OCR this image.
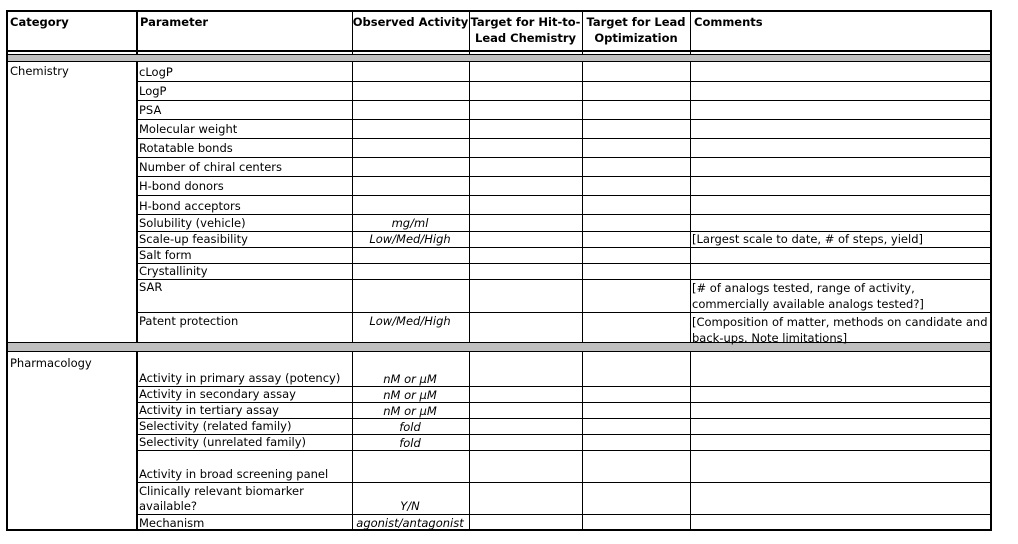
Category	Parameter	Observed Activity Target for Hit-to-
Lead Chemistry
Target for Lead
Optimization
Comments
Chemistry
Pharmacology
cLogP
LogP
PSA
Molecular weight
Rotatable bonds
Number of chiral centers
H-bond donors
H-bond acceptors
Solubility (vehicle)
Scale-up feasibility
Salt form
Crystallinity
SAR
Patent protection
mg/ml
Low/Med/High
Low/Med/High
[Largest scale to date, # of steps, yield]
[# of analogs tested, range of activity, commercially available analogs tested?]
[Composition of matter, methods on candidate and back-ups. Note limitations]
Activity in primary assay (potency)
Activity in secondary assay
Activity in tertiary assay
Selectivity (related family)
Selectivity (unrelated family)
Activity in broad screening panel
Clinically relevant biomarker available?
Mechanism
nM or µM
nM or µM
nM or µM
fold
fold
Y/N
agonist/antagonist
